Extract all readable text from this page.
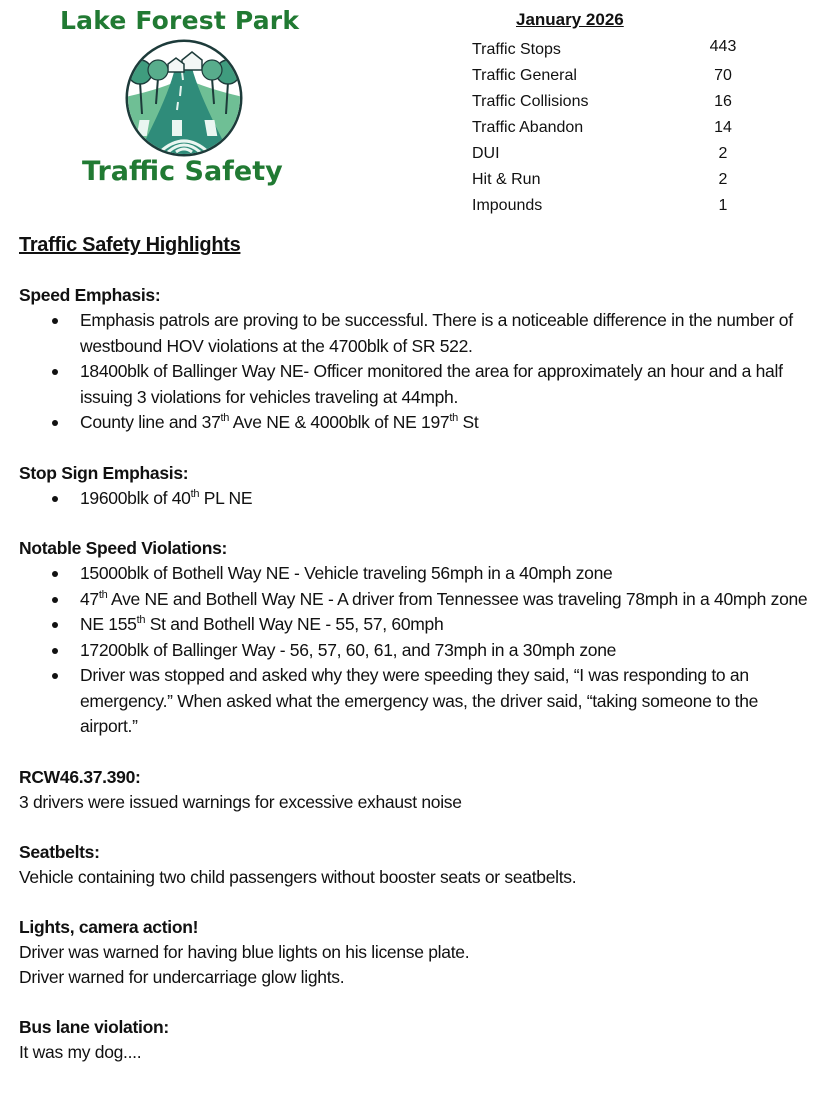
Lake Forest Park
Traffic Safety
January 2026
Traffic Stops	443
Traffic General	70
Traffic Collisions	16
Traffic Abandon	14
DUI	2
Hit & Run	2
Impounds	1
Traffic Safety Highlights
Speed Emphasis:
Emphasis patrols are proving to be successful. There is a noticeable difference in the number of westbound HOV violations at the 4700blk of SR 522.
18400blk of Ballinger Way NE- Officer monitored the area for approximately an hour and a half issuing 3 violations for vehicles traveling at 44mph.
County line and 37th Ave NE & 4000blk of NE 197th St
Stop Sign Emphasis:
19600blk of 40th PL NE
Notable Speed Violations:
15000blk of Bothell Way NE - Vehicle traveling 56mph in a 40mph zone
47th Ave NE and Bothell Way NE - A driver from Tennessee was traveling 78mph in a 40mph zone
NE 155th St and Bothell Way NE - 55, 57, 60mph
17200blk of Ballinger Way - 56, 57, 60, 61, and 73mph in a 30mph zone
Driver was stopped and asked why they were speeding they said, “I was responding to an emergency.” When asked what the emergency was, the driver said, “taking someone to the airport.”
RCW46.37.390:
3 drivers were issued warnings for excessive exhaust noise
Seatbelts:
Vehicle containing two child passengers without booster seats or seatbelts.
Lights, camera action!
Driver was warned for having blue lights on his license plate.
Driver warned for undercarriage glow lights.
Bus lane violation:
It was my dog....
